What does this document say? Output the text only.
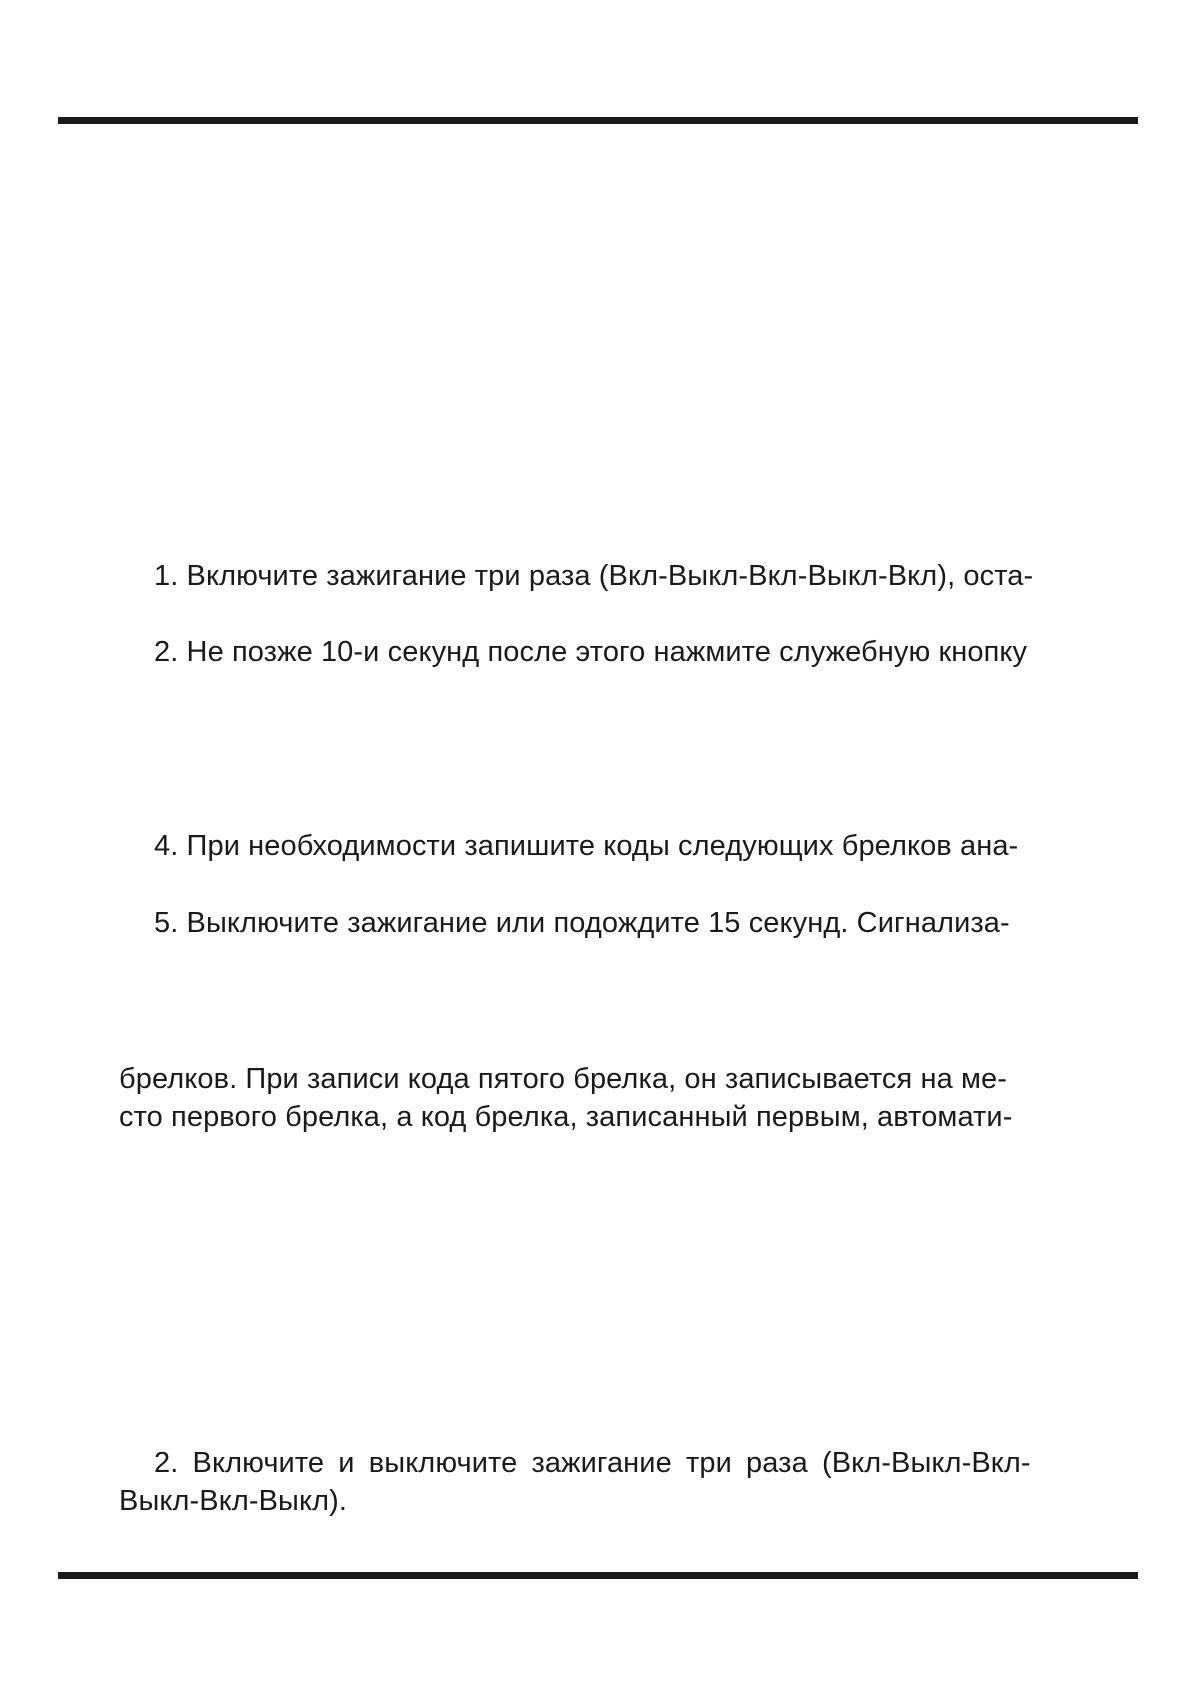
1. Включите зажигание три раза (Вкл-Выкл-Вкл-Выкл-Вкл), оста-
2. Не позже 10-и секунд после этого нажмите служебную кнопку
4. При необходимости запишите коды следующих брелков ана-
5. Выключите зажигание или подождите 15 секунд. Сигнализа-
брелков. При записи кода пятого брелка, он записывается на ме-
сто первого брелка, а код брелка, записанный первым, автомати-
2. Включите и выключите зажигание три раза (Вкл-Выкл-Вкл-
Выкл-Вкл-Выкл).
